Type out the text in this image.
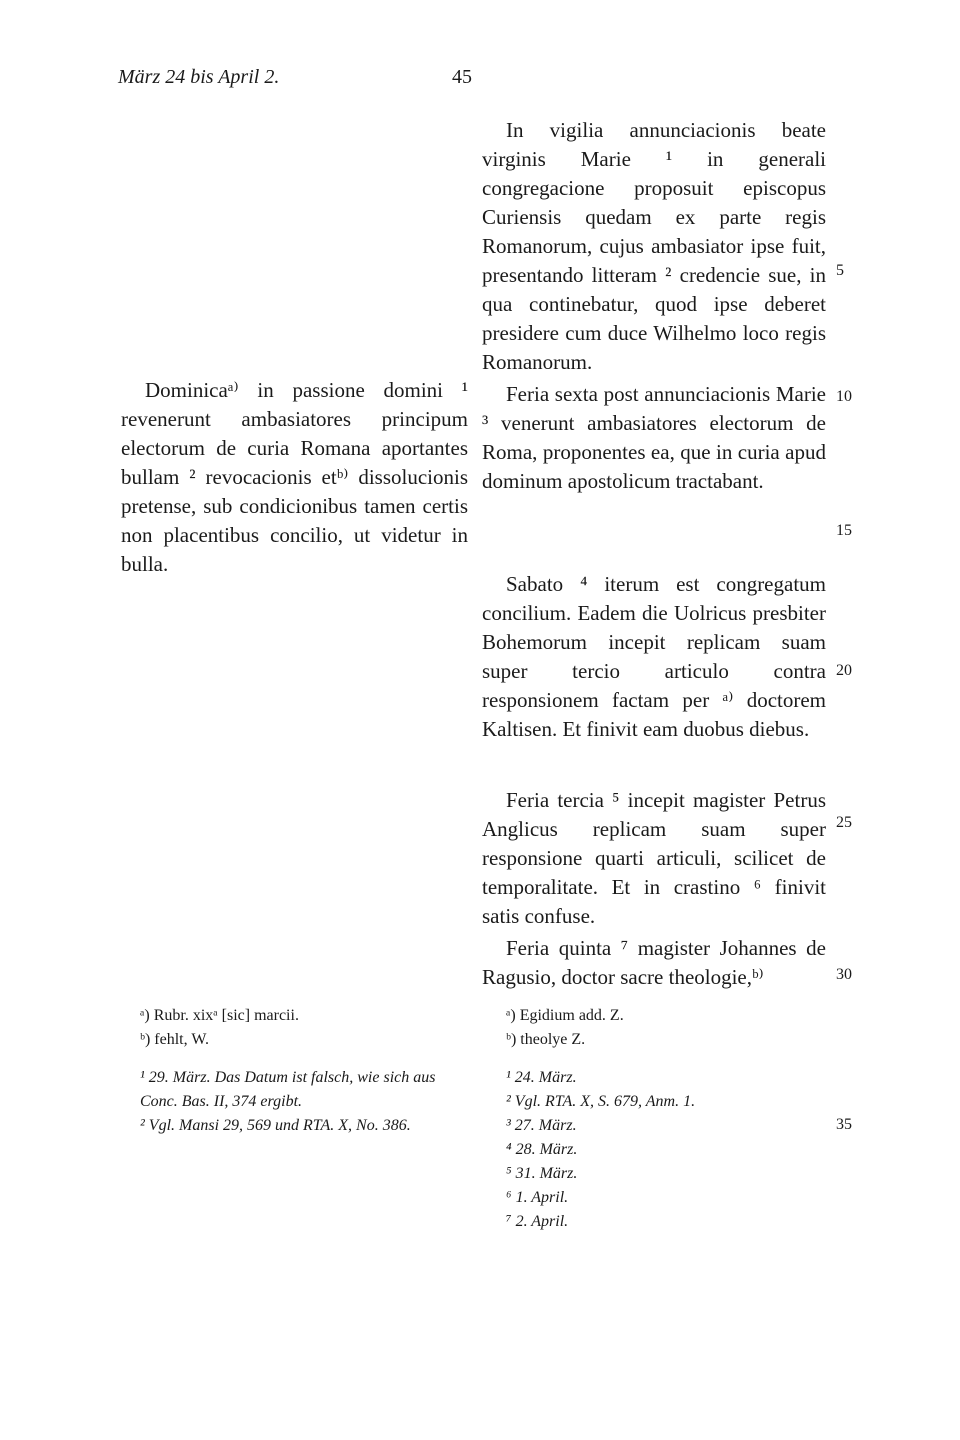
März 24 bis April 2.	45

Dominicaᵃ⁾ in passione domini ¹ revenerunt ambasiatores principum electorum de curia Romana aportantes bullam ² revocacionis etᵇ⁾ dissolucionis pretense, sub condicionibus tamen certis non placentibus concilio, ut videtur in bulla.

In vigilia annunciacionis beate virginis Marie ¹ in generali congregacione proposuit episcopus Curiensis quedam ex parte regis Romanorum, cujus ambasiator ipse fuit, presentando litteram ² credencie sue, in qua continebatur, quod ipse deberet presidere cum duce Wilhelmo loco regis Romanorum.

Feria sexta post annunciacionis Marie ³ venerunt ambasiatores electorum de Roma, proponentes ea, que in curia apud dominum apostolicum tractabant.

Sabato ⁴ iterum est congregatum concilium. Eadem die Uolricus presbiter Bohemorum incepit replicam suam super tercio articulo contra responsionem factam per ᵃ⁾ doctorem Kaltisen. Et finivit eam duobus diebus.

Feria tercia ⁵ incepit magister Petrus Anglicus replicam suam super responsione quarti articuli, scilicet de temporalitate. Et in crastino ⁶ finivit satis confuse.

Feria quinta ⁷ magister Johannes de Ragusio, doctor sacre theologie,ᵇ⁾

5
10
15
20
25
30
35
ᵃ) Rubr. xixᵃ [sic] marcii.
ᵇ) fehlt, W.
¹ 29. März. Das Datum ist falsch, wie sich aus Conc. Bas. II, 374 ergibt.
² Vgl. Mansi 29, 569 und RTA. X, No. 386.
ᵃ) Egidium add. Z.
ᵇ) theolye Z.
¹ 24. März.
² Vgl. RTA. X, S. 679, Anm. 1.
³ 27. März.
⁴ 28. März.
⁵ 31. März.
⁶ 1. April.
⁷ 2. April.
